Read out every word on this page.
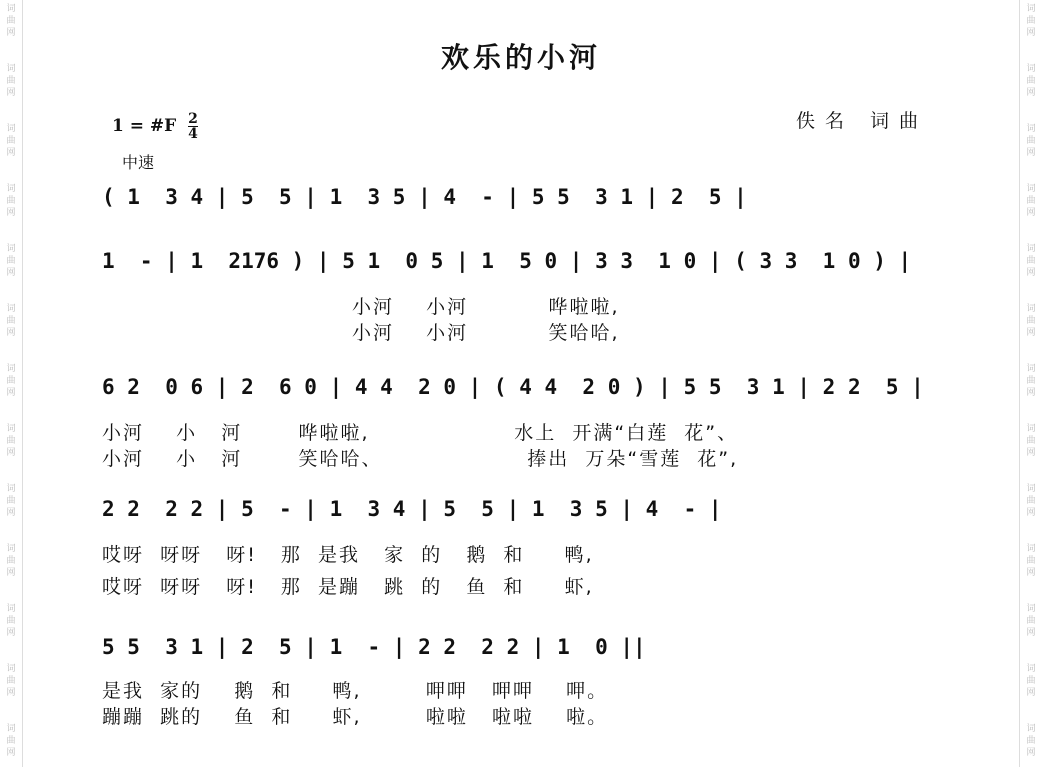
词
曲
网
词
曲
网
词
曲
网
词
曲
网
词
曲
网
词
曲
网
词
曲
网
词
曲
网
词
曲
网
词
曲
网
词
曲
网
词
曲
网
词
曲
网
词
曲
网
词
曲
网
词
曲
网
词
曲
网
词
曲
网
词
曲
网
词
曲
网
词
曲
网
词
曲
网
词
曲
网
词
曲
网
词
曲
网
词
曲
网
欢乐的小河
1 = #F $\frac{2}{4}$	佚名 词曲
中速
( 1  3 4 | 5  5 | 1  3 5 | 4  - | 5 5  3 1 | 2  5 |
1  - | 1  2176 ) | 5 1  0 5 | 1  5 0 | 3 3  1 0 | ( 3 3  1 0 ) |
小河    小河          哗啦啦,
小河    小河          笑哈哈,
6 2  0 6 | 2  6 0 | 4 4  2 0 | ( 4 4  2 0 ) | 5 5  3 1 | 2 2  5 |
小河    小   河       哗啦啦,                  水上  开满“白莲  花”、
小河    小   河       笑哈哈、                  捧出  万朵“雪莲  花”,
2 2  2 2 | 5  - | 1  3 4 | 5  5 | 1  3 5 | 4  - |
哎呀  呀呀   呀!   那  是我   家  的   鹅  和     鸭,
哎呀  呀呀   呀!   那  是蹦   跳  的   鱼  和     虾,
5 5  3 1 | 2  5 | 1  - | 2 2  2 2 | 1  0 ||
是我  家的    鹅  和     鸭,        呷呷   呷呷    呷。
蹦蹦  跳的    鱼  和     虾,        啦啦   啦啦    啦。
